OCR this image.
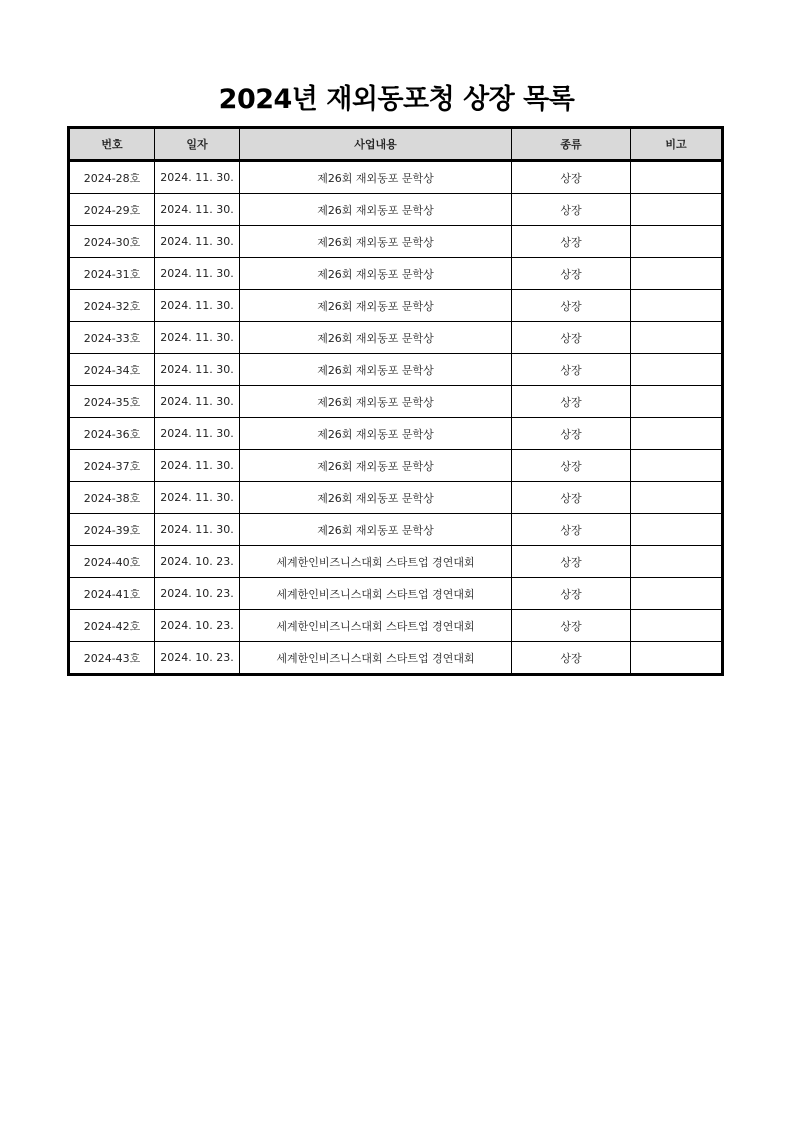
2024년 재외동포청 상장 목록
번호	일자	사업내용	종류	비고
2024-28호	2024. 11. 30.	제26회 재외동포 문학상	상장	
2024-29호	2024. 11. 30.	제26회 재외동포 문학상	상장	
2024-30호	2024. 11. 30.	제26회 재외동포 문학상	상장	
2024-31호	2024. 11. 30.	제26회 재외동포 문학상	상장	
2024-32호	2024. 11. 30.	제26회 재외동포 문학상	상장	
2024-33호	2024. 11. 30.	제26회 재외동포 문학상	상장	
2024-34호	2024. 11. 30.	제26회 재외동포 문학상	상장	
2024-35호	2024. 11. 30.	제26회 재외동포 문학상	상장	
2024-36호	2024. 11. 30.	제26회 재외동포 문학상	상장	
2024-37호	2024. 11. 30.	제26회 재외동포 문학상	상장	
2024-38호	2024. 11. 30.	제26회 재외동포 문학상	상장	
2024-39호	2024. 11. 30.	제26회 재외동포 문학상	상장	
2024-40호	2024. 10. 23.	세계한인비즈니스대회 스타트업 경연대회	상장	
2024-41호	2024. 10. 23.	세계한인비즈니스대회 스타트업 경연대회	상장	
2024-42호	2024. 10. 23.	세계한인비즈니스대회 스타트업 경연대회	상장	
2024-43호	2024. 10. 23.	세계한인비즈니스대회 스타트업 경연대회	상장	
